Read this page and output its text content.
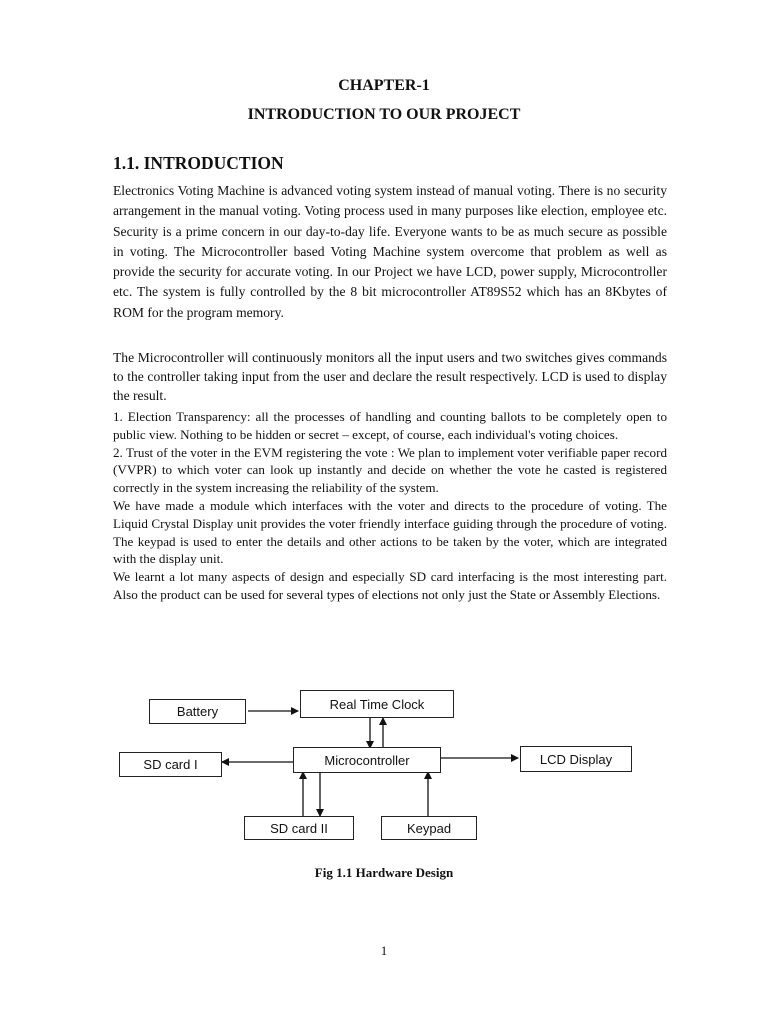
CHAPTER-1
INTRODUCTION TO OUR PROJECT
1.1. INTRODUCTION
Electronics Voting Machine is advanced voting system instead of manual voting. There is no security arrangement in the manual voting. Voting process used in many purposes like election, employee etc. Security is a prime concern in our day-to-day life. Everyone wants to be as much secure as possible in voting. The Microcontroller based Voting Machine system overcome that problem as well as provide the security for accurate voting. In our Project we have LCD, power supply, Microcontroller etc. The system is fully controlled by the 8 bit microcontroller AT89S52 which has an 8Kbytes of ROM for the program memory.
The Microcontroller will continuously monitors all the input users and two switches gives commands to the controller taking input from the user and declare the result respectively. LCD is used to display the result.

1. Election Transparency: all the processes of handling and counting ballots to be completely open to public view. Nothing to be hidden or secret – except, of course, each individual's voting choices.

2. Trust of the voter in the EVM registering the vote : We plan to implement voter verifiable paper record (VVPR) to which voter can look up instantly and decide on whether the vote he casted is registered correctly in the system increasing the reliability of the system.

We have made a module which interfaces with the voter and directs to the procedure of voting. The Liquid Crystal Display unit provides the voter friendly interface guiding through the procedure of voting. The keypad is used to enter the details and other actions to be taken by the voter, which are integrated with the display unit.

We learnt a lot many aspects of design and especially SD card interfacing is the most interesting part. Also the product can be used for several types of elections not only just the State or Assembly Elections.

Battery	Real Time Clock
Microcontroller
SD card I	LCD Display
SD card II	Keypad
Fig 1.1 Hardware Design
1
